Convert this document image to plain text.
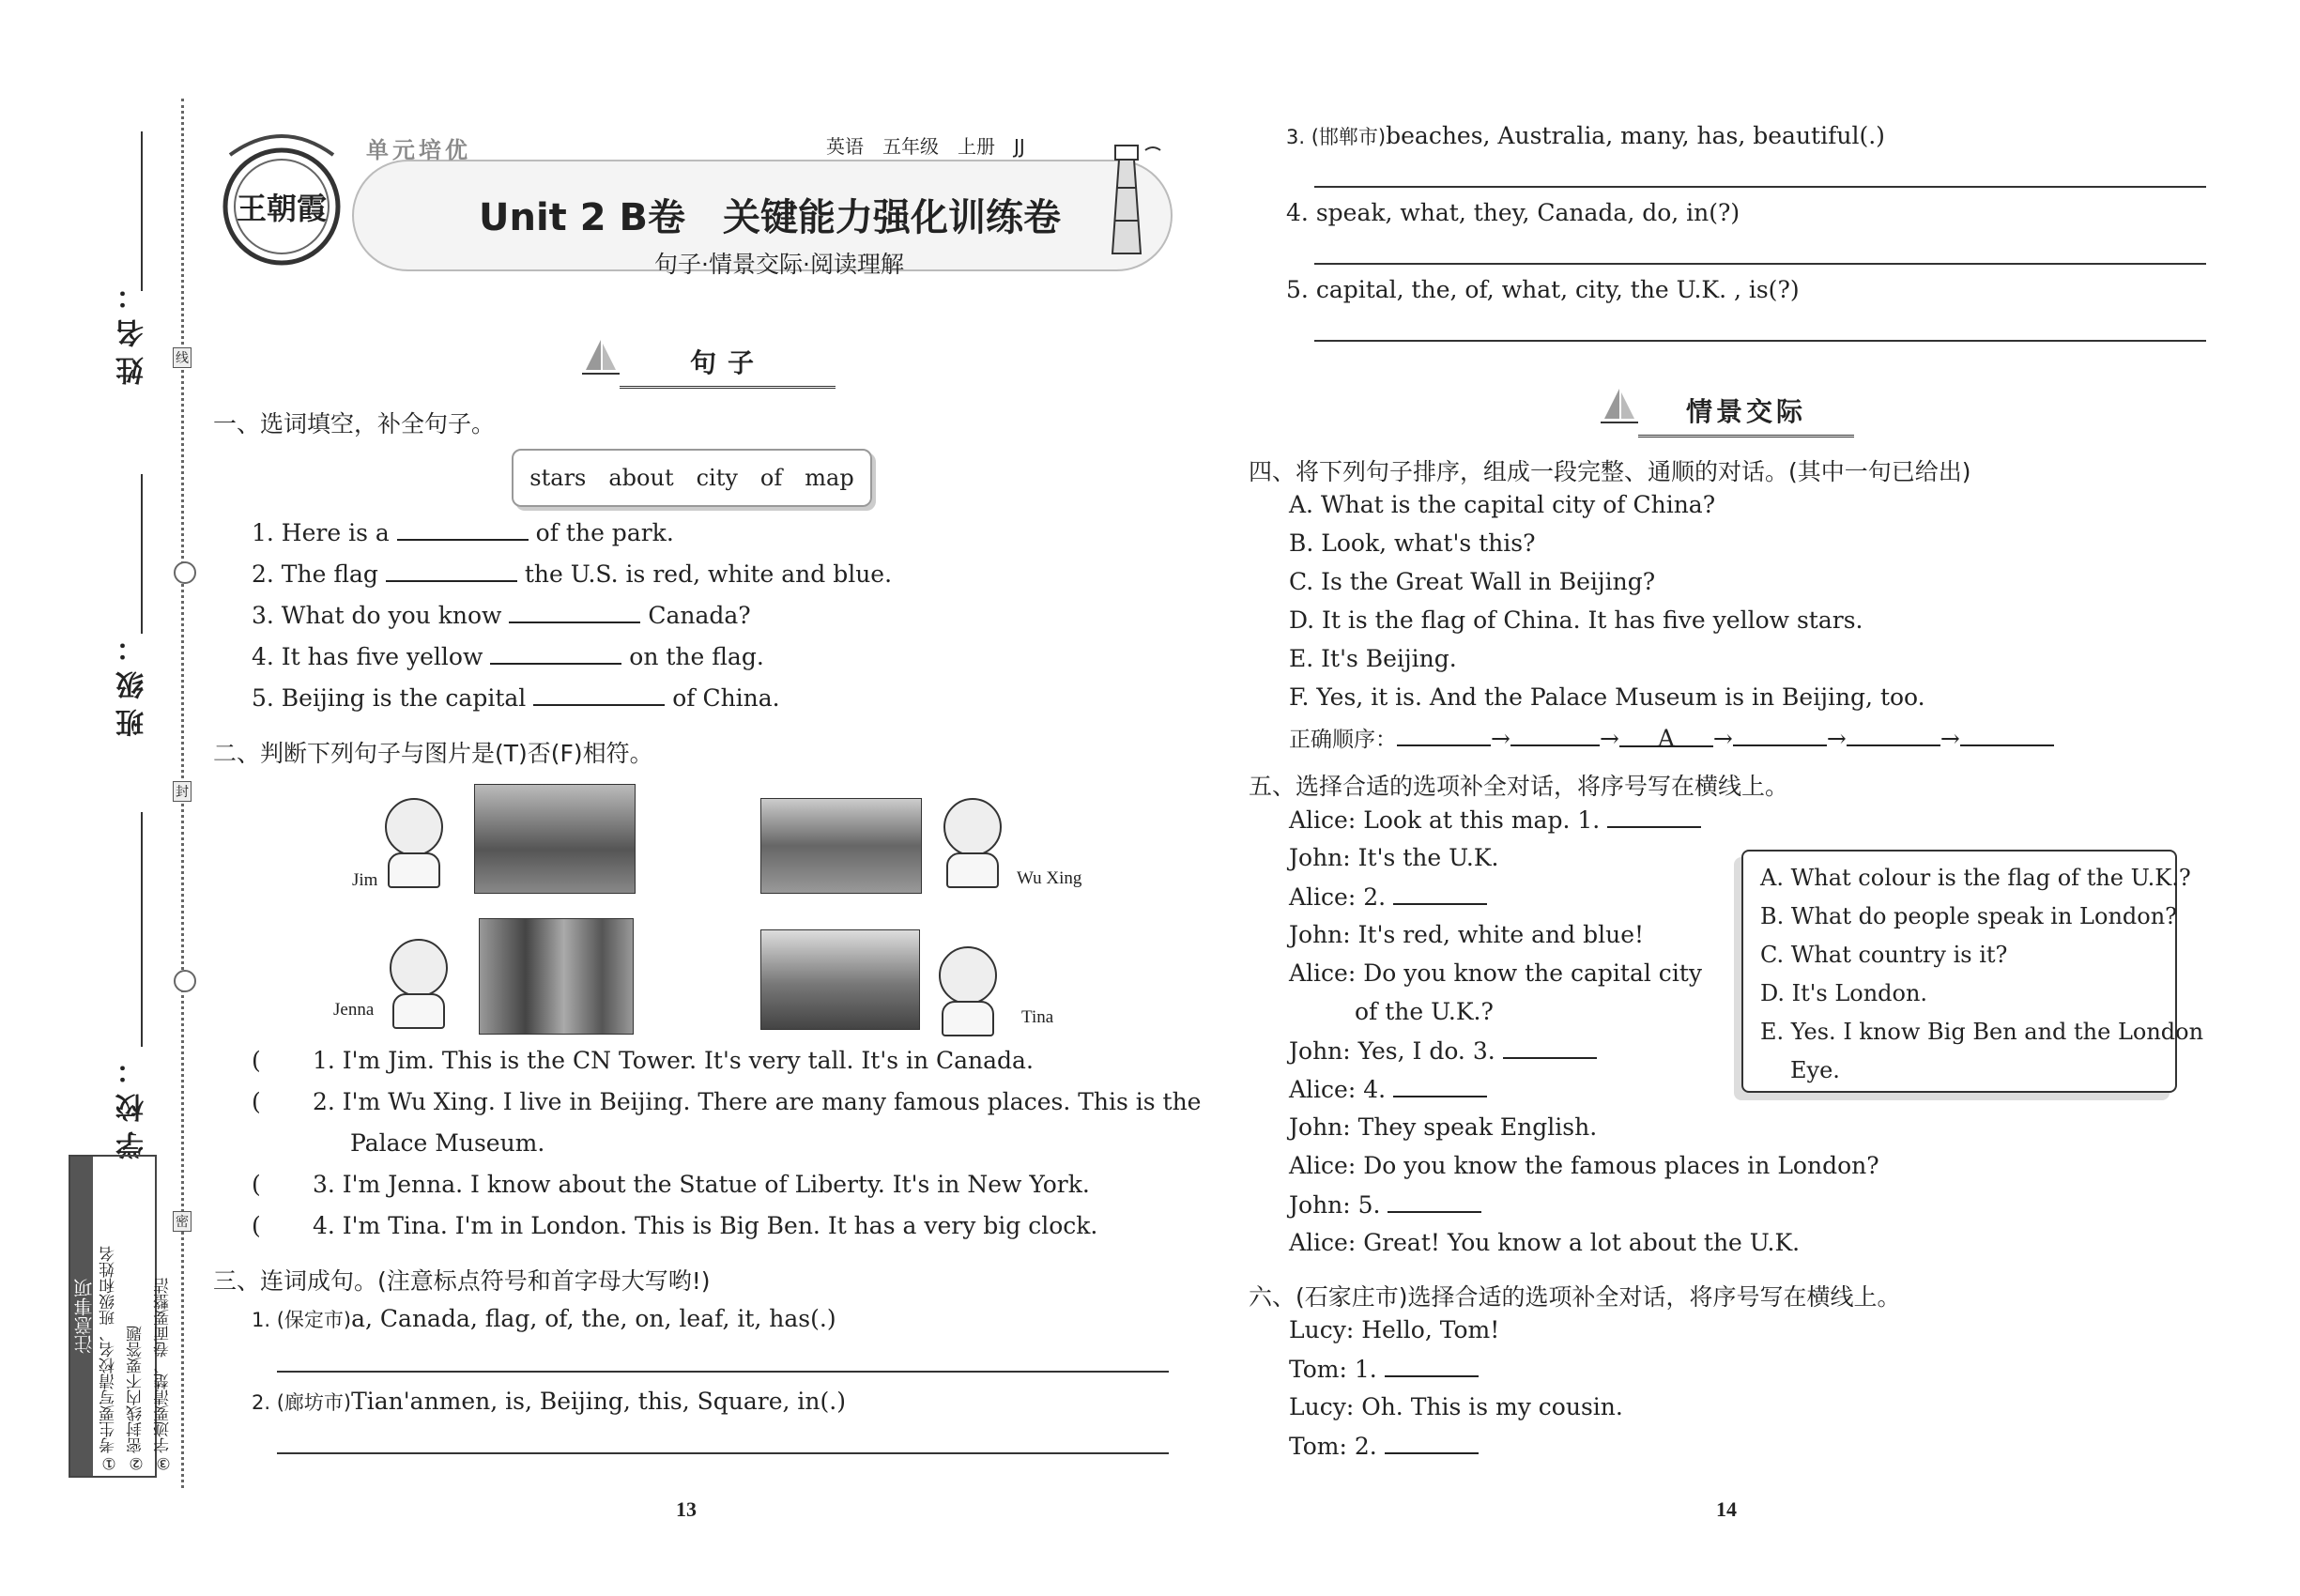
姓名：
班级：
学校：
线
封
密
注意事项 ①考生要写清校名、班级和姓名 ②密封线内不要答题 ③字迹要清楚、卷面要整洁
王朝霞
单元培优	英语　五年级　上册　JJ
Unit 2 B卷　关键能力强化训练卷
句子·情景交际·阅读理解
句子
一、选词填空，补全句子。
stars about city of map
1. Here is a	of the park.
2. The flag	the U.S. is red, white and blue.
3. What do you know	Canada?
4. It has five yellow	on the flag.
5. Beijing is the capital	of China.
二、判断下列句子与图片是(T)否(F)相符。
Jim	Wu Xing
Jenna	Tina
( 1. I'm Jim. This is the CN Tower. It's very tall. It's in Canada.
( 2. I'm Wu Xing. I live in Beijing. There are many famous places. This is the
Palace Museum.
( 3. I'm Jenna. I know about the Statue of Liberty. It's in New York.
( 4. I'm Tina. I'm in London. This is Big Ben. It has a very big clock.
三、连词成句。(注意标点符号和首字母大写哟!)
1. (保定市)a, Canada, flag, of, the, on, leaf, it, has(.)
2. (廊坊市)Tian'anmen, is, Beijing, this, Square, in(.)
13
3. (邯郸市)beaches, Australia, many, has, beautiful(.)
4. speak, what, they, Canada, do, in(?)
5. capital, the, of, what, city, the U.K. , is(?)
情景交际
四、将下列句子排序，组成一段完整、通顺的对话。(其中一句已给出)
A. What is the capital city of China?
B. Look, what's this?
C. Is the Great Wall in Beijing?
D. It is the flag of China. It has five yellow stars.
E. It's Beijing.
F. Yes, it is. And the Palace Museum is in Beijing, too.
正确顺序：	→	→ A →	→	→
五、选择合适的选项补全对话，将序号写在横线上。
Alice: Look at this map. 1.
John: It's the U.K.
Alice: 2.
John: It's red, white and blue!
Alice: Do you know the capital city
of the U.K.?
John: Yes, I do. 3.
Alice: 4.
John: They speak English.
Alice: Do you know the famous places in London?
John: 5.
Alice: Great! You know a lot about the U.K.
A. What colour is the flag of the U.K.?
B. What do people speak in London?
C. What country is it?
D. It's London.
E. Yes. I know Big Ben and the London
Eye.
六、(石家庄市)选择合适的选项补全对话，将序号写在横线上。
Lucy: Hello, Tom!
Tom: 1.
Lucy: Oh. This is my cousin.
Tom: 2.
14
